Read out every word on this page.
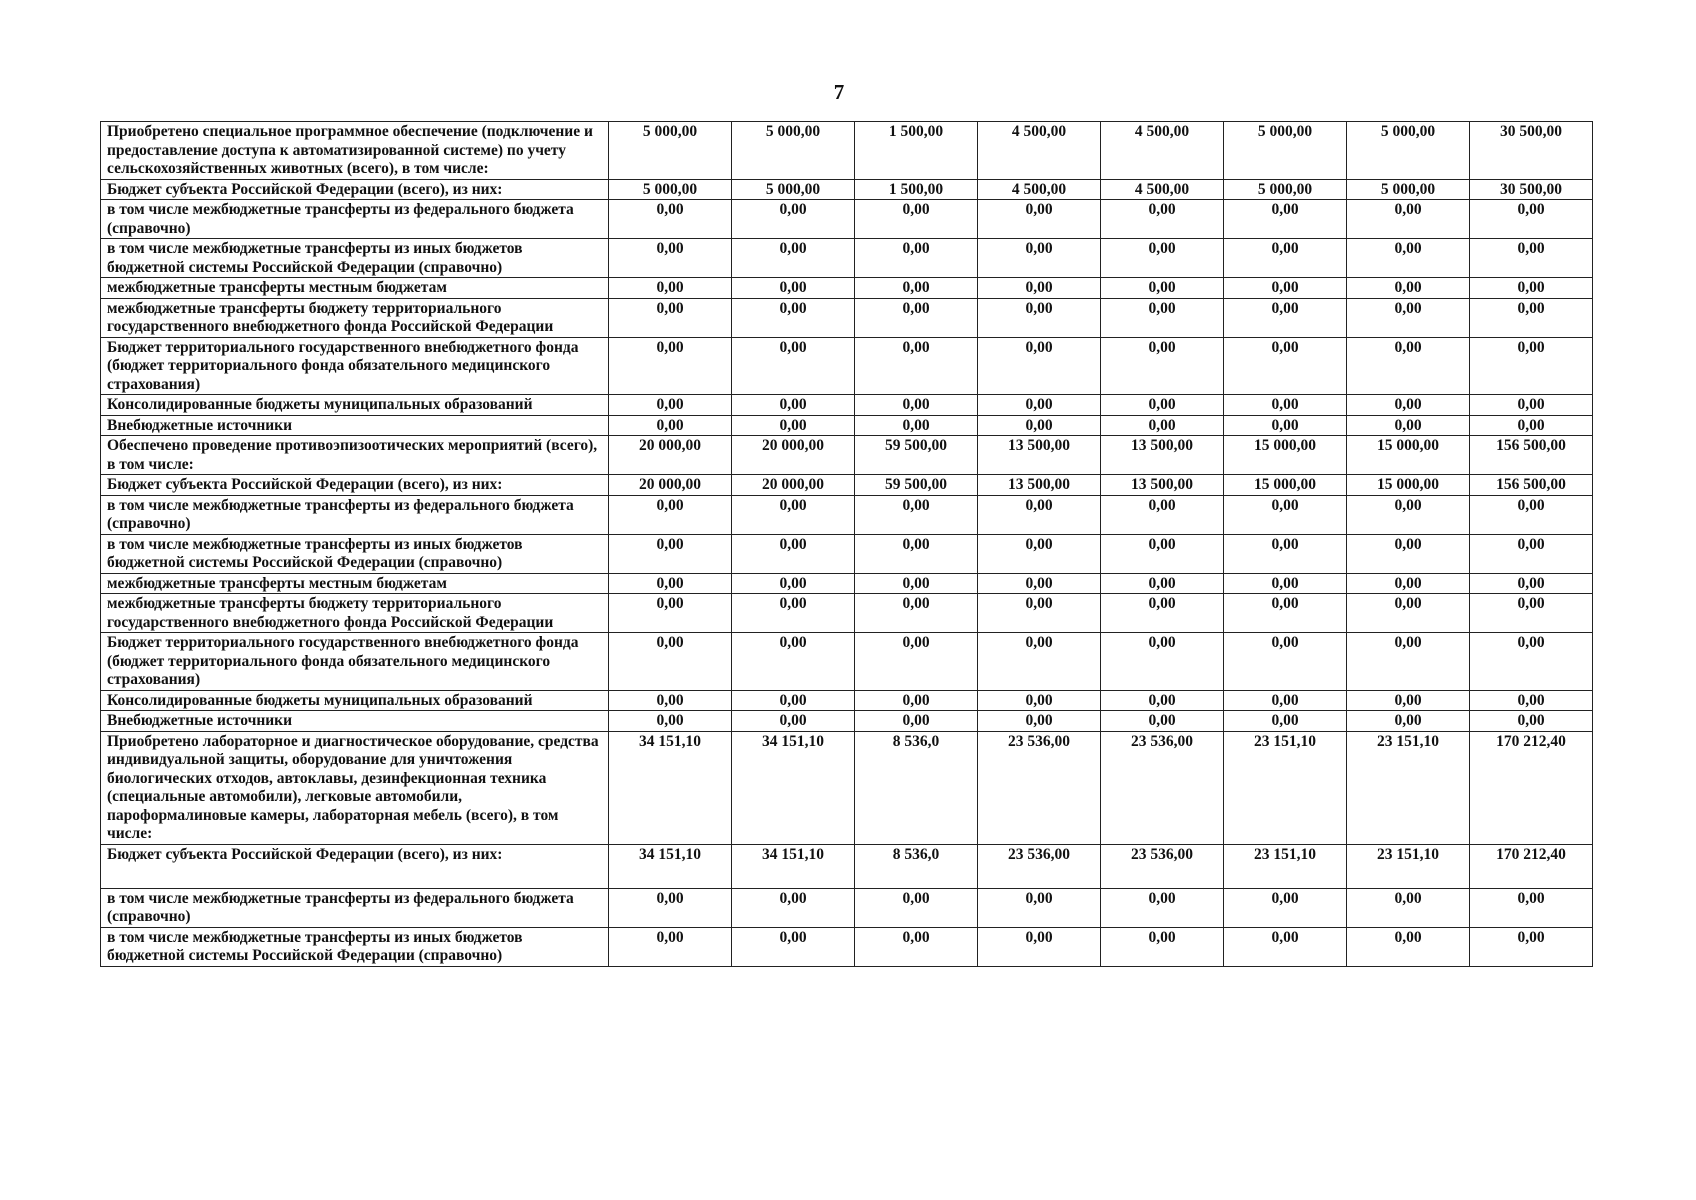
7
Приобретено специальное программное обеспечение (подключение и предоставление доступа к автоматизированной системе) по учету сельскохозяйственных животных (всего), в том числе:	5 000,00	5 000,00	1 500,00	4 500,00	4 500,00	5 000,00	5 000,00	30 500,00
Бюджет субъекта Российской Федерации (всего), из них:	5 000,00	5 000,00	1 500,00	4 500,00	4 500,00	5 000,00	5 000,00	30 500,00
в том числе межбюджетные трансферты из федерального бюджета (справочно)	0,00	0,00	0,00	0,00	0,00	0,00	0,00	0,00
в том числе межбюджетные трансферты из иных бюджетов бюджетной системы Российской Федерации (справочно)	0,00	0,00	0,00	0,00	0,00	0,00	0,00	0,00
межбюджетные трансферты местным бюджетам	0,00	0,00	0,00	0,00	0,00	0,00	0,00	0,00
межбюджетные трансферты бюджету территориального государственного внебюджетного фонда Российской Федерации	0,00	0,00	0,00	0,00	0,00	0,00	0,00	0,00
Бюджет территориального государственного внебюджетного фонда (бюджет территориального фонда обязательного медицинского страхования)	0,00	0,00	0,00	0,00	0,00	0,00	0,00	0,00
Консолидированные бюджеты муниципальных образований	0,00	0,00	0,00	0,00	0,00	0,00	0,00	0,00
Внебюджетные источники	0,00	0,00	0,00	0,00	0,00	0,00	0,00	0,00
Обеспечено проведение противоэпизоотических мероприятий (всего), в том числе:	20 000,00	20 000,00	59 500,00	13 500,00	13 500,00	15 000,00	15 000,00	156 500,00
Бюджет субъекта Российской Федерации (всего), из них:	20 000,00	20 000,00	59 500,00	13 500,00	13 500,00	15 000,00	15 000,00	156 500,00
в том числе межбюджетные трансферты из федерального бюджета (справочно)	0,00	0,00	0,00	0,00	0,00	0,00	0,00	0,00
в том числе межбюджетные трансферты из иных бюджетов бюджетной системы Российской Федерации (справочно)	0,00	0,00	0,00	0,00	0,00	0,00	0,00	0,00
межбюджетные трансферты местным бюджетам	0,00	0,00	0,00	0,00	0,00	0,00	0,00	0,00
межбюджетные трансферты бюджету территориального государственного внебюджетного фонда Российской Федерации	0,00	0,00	0,00	0,00	0,00	0,00	0,00	0,00
Бюджет территориального государственного внебюджетного фонда (бюджет территориального фонда обязательного медицинского страхования)	0,00	0,00	0,00	0,00	0,00	0,00	0,00	0,00
Консолидированные бюджеты муниципальных образований	0,00	0,00	0,00	0,00	0,00	0,00	0,00	0,00
Внебюджетные источники	0,00	0,00	0,00	0,00	0,00	0,00	0,00	0,00
Приобретено лабораторное и диагностическое оборудование, средства индивидуальной защиты, оборудование для уничтожения биологических отходов, автоклавы, дезинфекционная техника (специальные автомобили), легковые автомобили, пароформалиновые камеры, лабораторная мебель (всего), в том числе:	34 151,10	34 151,10	8 536,0	23 536,00	23 536,00	23 151,10	23 151,10	170 212,40
Бюджет субъекта Российской Федерации (всего), из них:	34 151,10	34 151,10	8 536,0	23 536,00	23 536,00	23 151,10	23 151,10	170 212,40
в том числе межбюджетные трансферты из федерального бюджета (справочно)	0,00	0,00	0,00	0,00	0,00	0,00	0,00	0,00
в том числе межбюджетные трансферты из иных бюджетов бюджетной системы Российской Федерации (справочно)	0,00	0,00	0,00	0,00	0,00	0,00	0,00	0,00
